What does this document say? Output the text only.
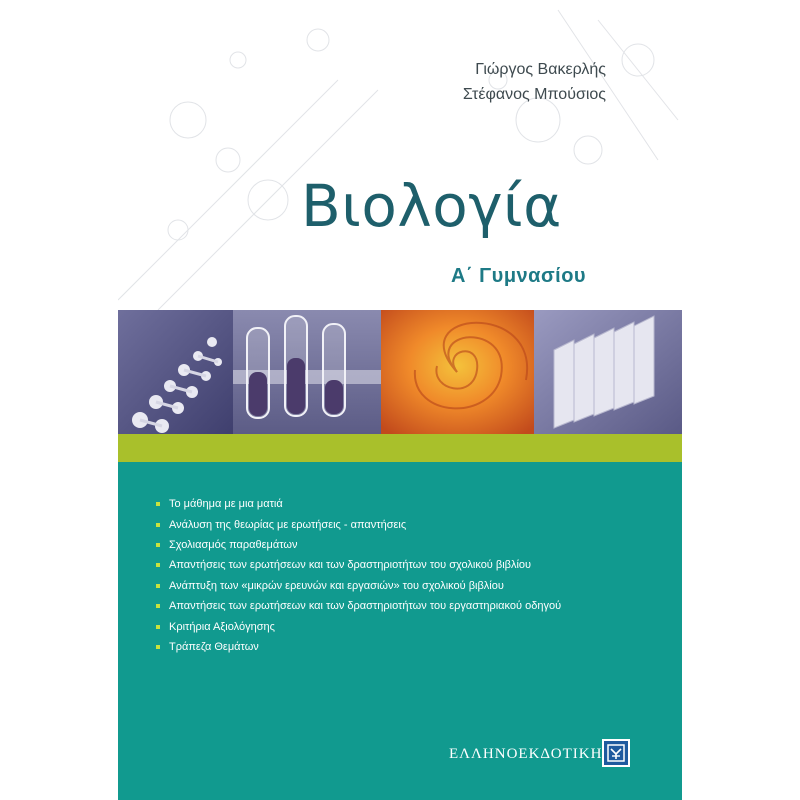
Γιώργος Βακερλής
Στέφανος Μπούσιος
Βιολογία
Α΄ Γυμνασίου
Το μάθημα με μια ματιά
Ανάλυση της θεωρίας με ερωτήσεις - απαντήσεις
Σχολιασμός παραθεμάτων
Απαντήσεις των ερωτήσεων και των δραστηριοτήτων του σχολικού βιβλίου
Ανάπτυξη των «μικρών ερευνών και εργασιών» του σχολικού βιβλίου
Απαντήσεις των ερωτήσεων και των δραστηριοτήτων του εργαστηριακού οδηγού
Κριτήρια Αξιολόγησης
Τράπεζα Θεμάτων
ΕΛΛΗΝΟΕΚΔΟΤΙΚΗ
